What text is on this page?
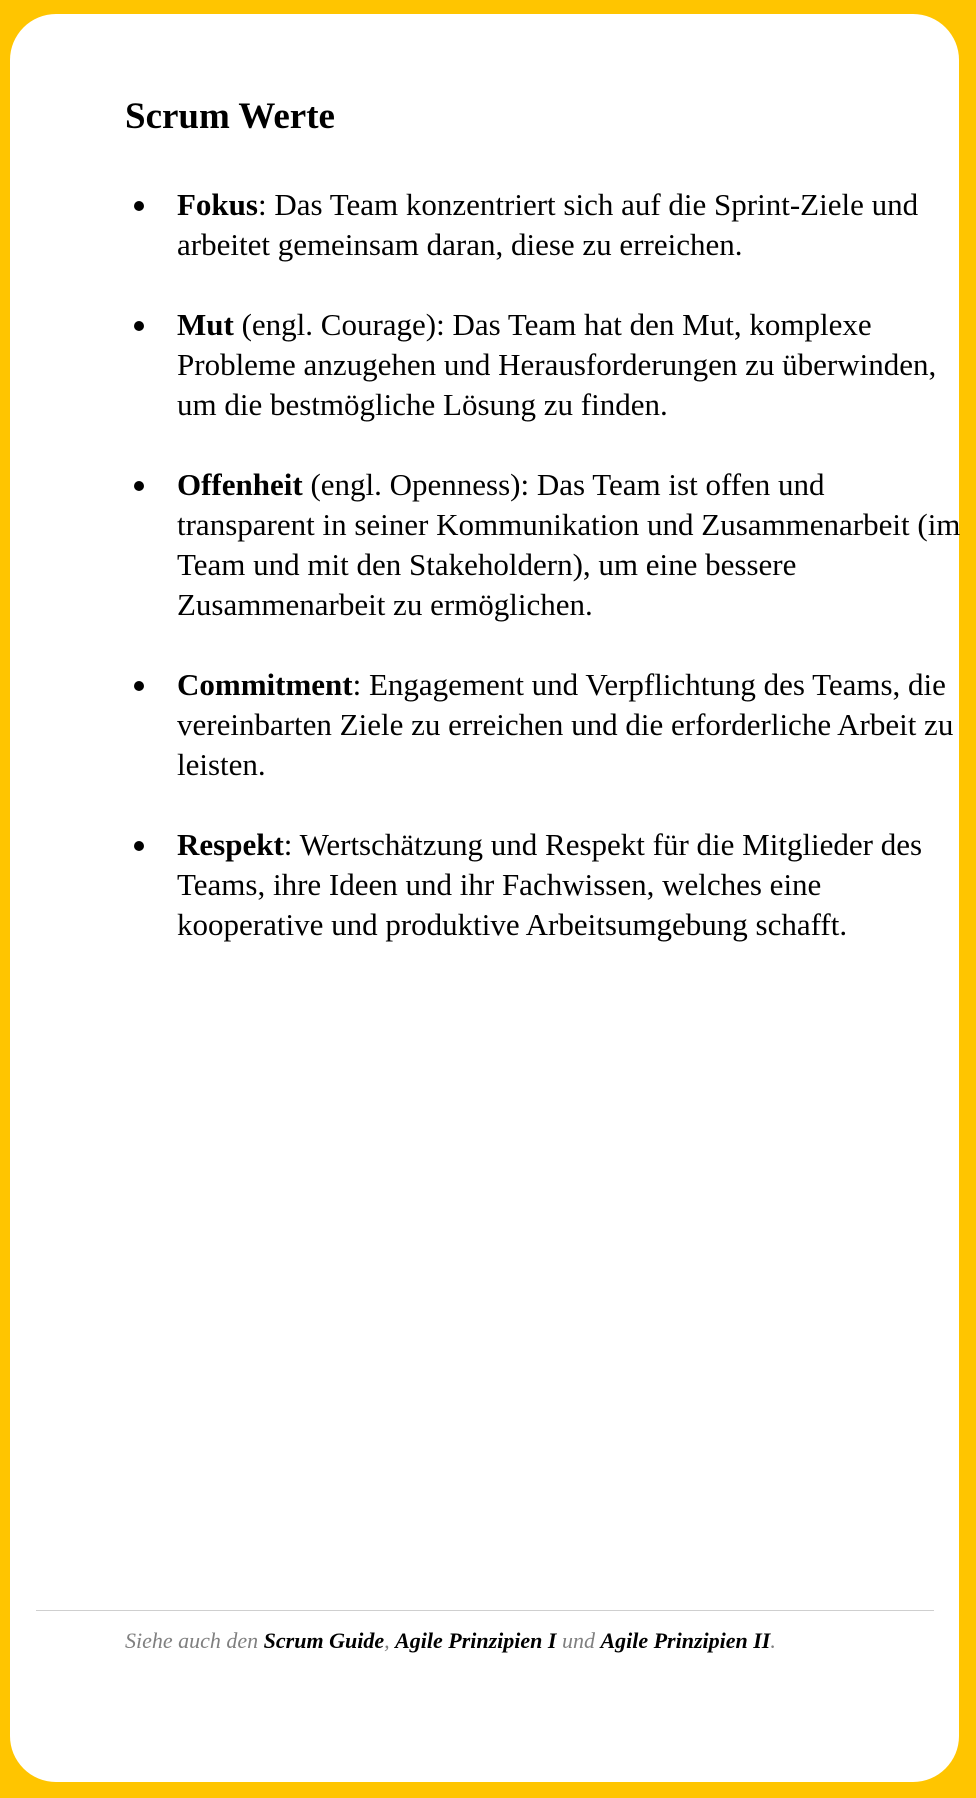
Scrum Werte
Fokus: Das Team konzentriert sich auf die Sprint-Ziele und arbeitet gemeinsam daran, diese zu erreichen.
Mut (engl. Courage): Das Team hat den Mut, komplexe Probleme anzugehen und Herausforderungen zu überwinden, um die bestmögliche Lösung zu finden.
Offenheit (engl. Openness): Das Team ist offen und transparent in seiner Kommunikation und Zusammenarbeit (im Team und mit den Stakeholdern), um eine bessere Zusammenarbeit zu ermöglichen.
Commitment: Engagement und Verpflichtung des Teams, die vereinbarten Ziele zu erreichen und die erforderliche Arbeit zu leisten.
Respekt: Wertschätzung und Respekt für die Mitglieder des Teams, ihre Ideen und ihr Fachwissen, welches eine kooperative und produktive Arbeitsumgebung schafft.
Siehe auch den Scrum Guide, Agile Prinzipien I und Agile Prinzipien II.
